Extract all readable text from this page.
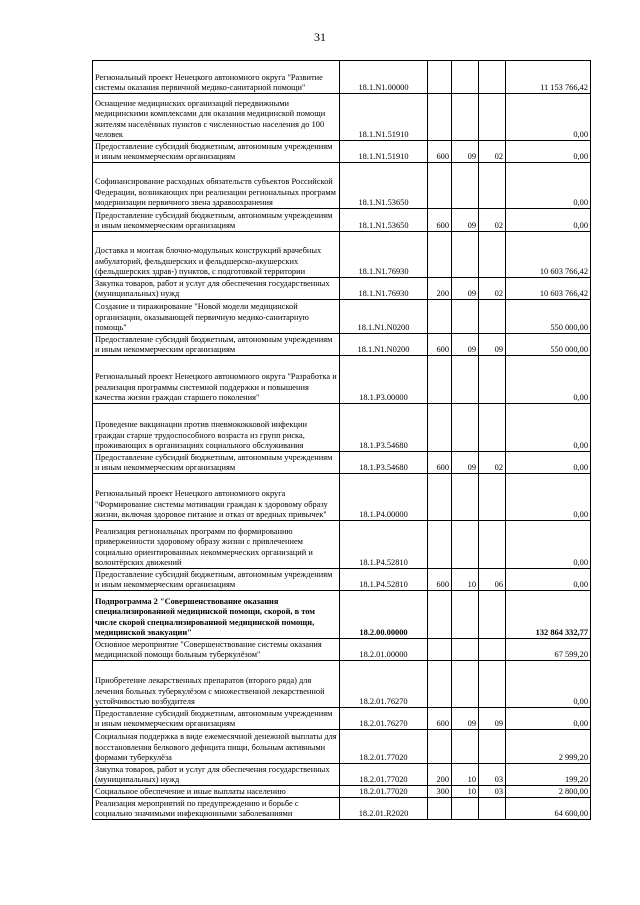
31
Региональный проект Ненецкого автономного округа "Развитие системы оказания первичной медико-санитарной помощи"	18.1.N1.00000				11 153 766,42
Оснащение медицинских организаций передвижными медицинскими комплексами для оказания медицинской помощи жителям населённых пунктов с численностью населения до 100 человек	18.1.N1.51910				0,00
Предоставление субсидий бюджетным, автономным учреждениям и иным некоммерческим организациям	18.1.N1.51910	600	09	02	0,00
Софинансирование расходных обязательств субъектов Российской Федерации, возникающих при реализации региональных программ модернизации первичного звена здравоохранения	18.1.N1.53650				0,00
Предоставление субсидий бюджетным, автономным учреждениям и иным некоммерческим организациям	18.1.N1.53650	600	09	02	0,00
Доставка и монтаж блочно-модульных конструкций врачебных амбулаторий, фельдшерских и фельдшерско-акушерских (фельдшерских здрав-) пунктов, с подготовкой территории	18.1.N1.76930				10 603 766,42
Закупка товаров, работ и услуг для обеспечения государственных (муниципальных) нужд	18.1.N1.76930	200	09	02	10 603 766,42
Создание и тиражирование "Новой модели медицинской организации, оказывающей первичную медико-санитарную помощь"	18.1.N1.N0200				550 000,00
Предоставление субсидий бюджетным, автономным учреждениям и иным некоммерческим организациям	18.1.N1.N0200	600	09	09	550 000,00
Региональный проект Ненецкого автономного округа "Разработка и реализация программы системной поддержки и повышения качества жизни граждан старшего поколения"	18.1.P3.00000				0,00
Проведение вакцинации против пневмококковой инфекции граждан старше трудоспособного возраста из групп риска, проживающих в организациях социального обслуживания	18.1.P3.54680				0,00
Предоставление субсидий бюджетным, автономным учреждениям и иным некоммерческим организациям	18.1.P3.54680	600	09	02	0,00
Региональный проект Ненецкого автономного округа "Формирование системы мотивации граждан к здоровому образу жизни, включая здоровое питание и отказ от вредных привычек"	18.1.P4.00000				0,00
Реализация региональных программ по формированию приверженности здоровому образу жизни с привлечением социально ориентированных некоммерческих организаций и волонтёрских движений	18.1.P4.52810				0,00
Предоставление субсидий бюджетным, автономным учреждениям и иным некоммерческим организациям	18.1.P4.52810	600	10	06	0,00
Подпрограмма 2 "Совершенствование оказания специализированной медицинской помощи, скорой, в том числе скорой специализированной медицинской помощи, медицинской эвакуации"	18.2.00.00000				132 864 332,77
Основное мероприятие "Совершенствование системы оказания медицинской помощи больным туберкулёзом"	18.2.01.00000				67 599,20
Приобретение лекарственных препаратов (второго ряда) для лечения больных туберкулёзом с множественной лекарственной устойчивостью возбудителя	18.2.01.76270				0,00
Предоставление субсидий бюджетным, автономным учреждениям и иным некоммерческим организациям	18.2.01.76270	600	09	09	0,00
Социальная поддержка в виде ежемесячной денежной выплаты для восстановления белкового дефицита пищи, больным активными формами туберкулёза	18.2.01.77020				2 999,20
Закупка товаров, работ и услуг для обеспечения государственных (муниципальных) нужд	18.2.01.77020	200	10	03	199,20
Социальное обеспечение и иные выплаты населению	18.2.01.77020	300	10	03	2 800,00
Реализация мероприятий по предупреждению и борьбе с социально значимыми инфекционными заболеваниями	18.2.01.R2020				64 600,00
